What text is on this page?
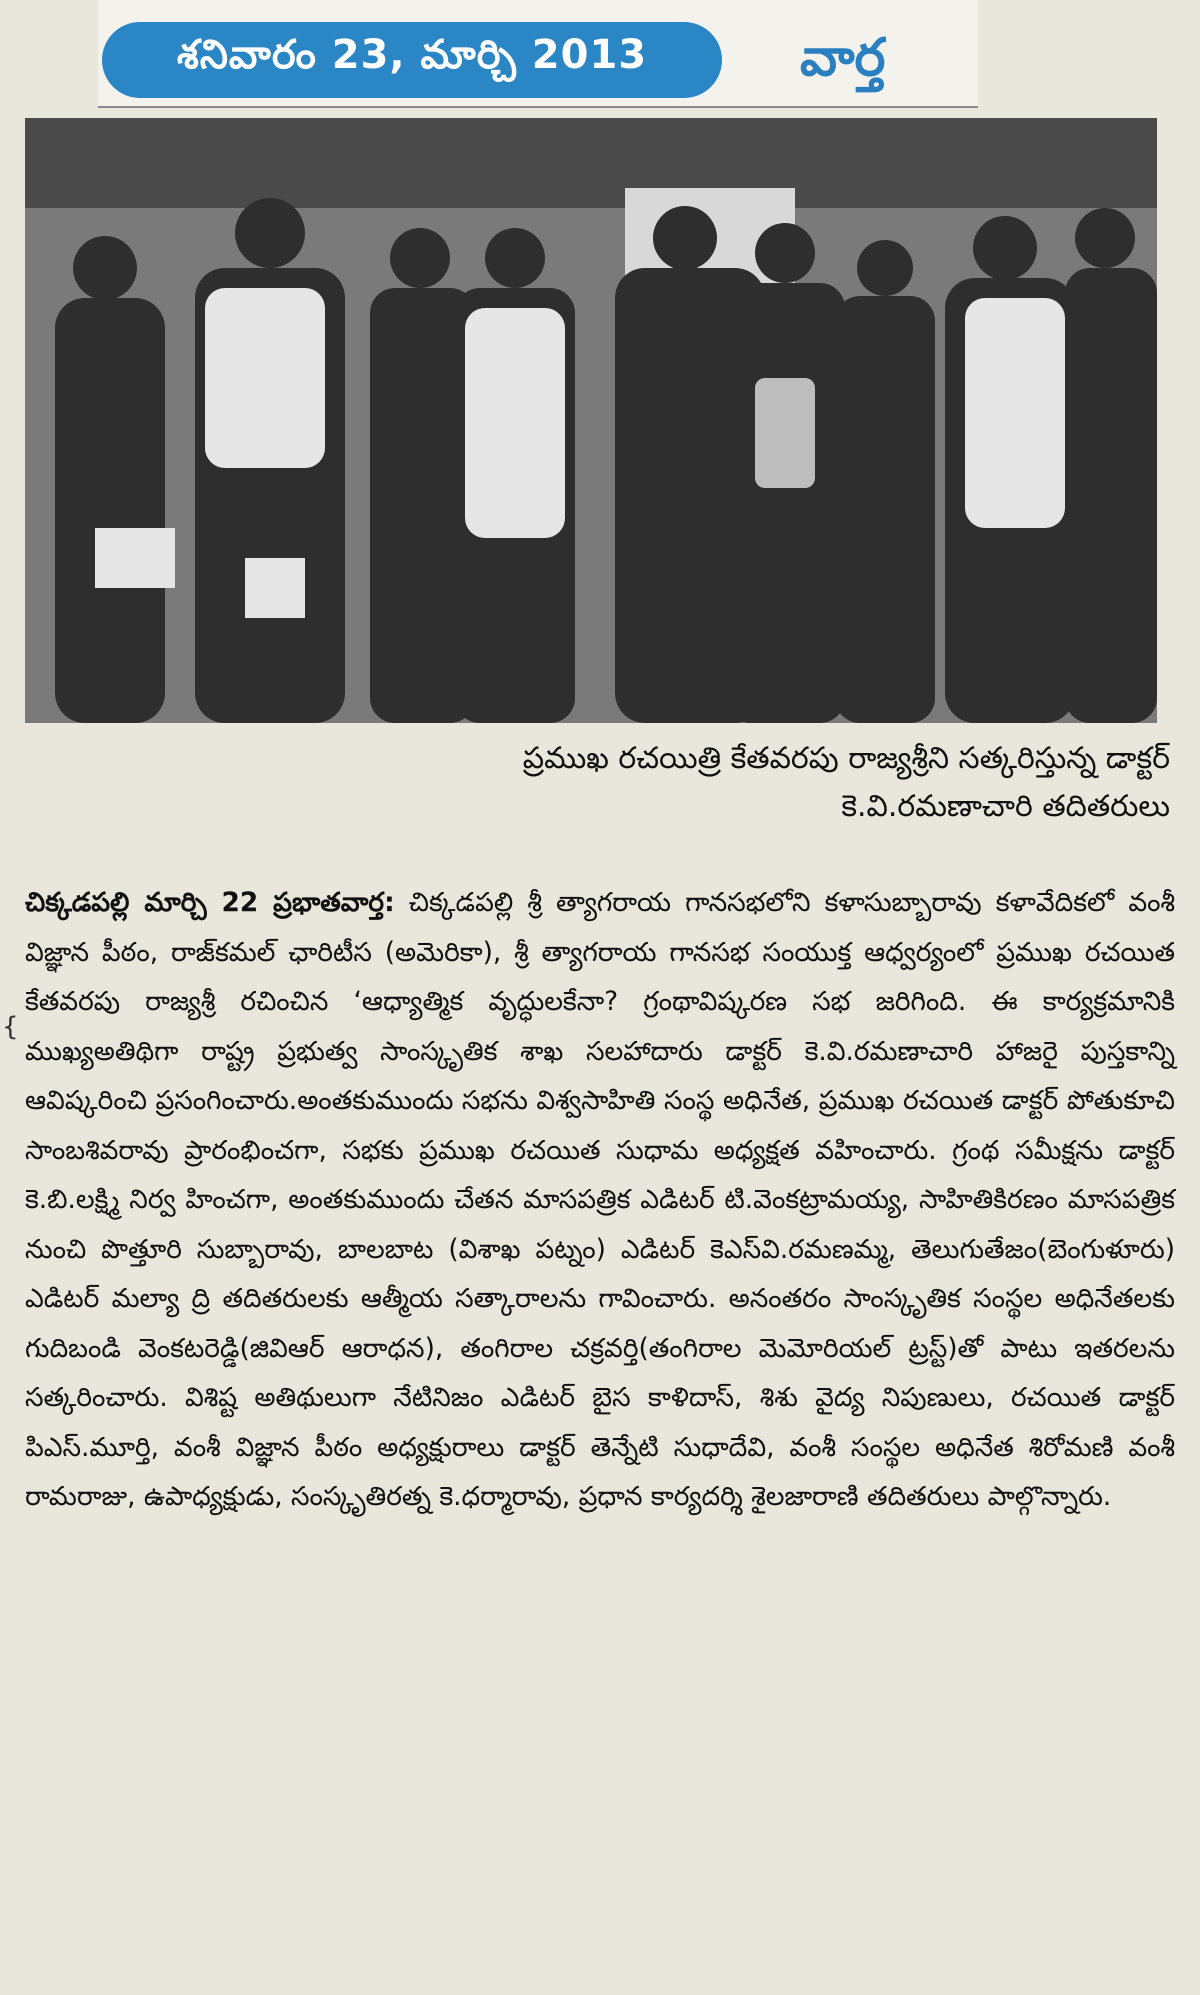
శనివారం 23, మార్చి 2013	వార్త
ప్రముఖ రచయిత్రి కేతవరపు రాజ్యశ్రీని సత్కరిస్తున్న డాక్టర్
కె.వి.రమణాచారి తదితరులు
{
చిక్కడపల్లి మార్చి 22 ప్రభాతవార్త: చిక్కడపల్లి శ్రీ త్యాగరాయ గానసభలోని కళాసుబ్బారావు కళావేదికలో వంశీ విజ్ఞాన పీఠం, రాజ్‌కమల్ ఛారిటీస (అమెరికా), శ్రీ త్యాగరాయ గానసభ సంయుక్త ఆధ్వర్యంలో ప్రముఖ రచయిత కేతవరపు రాజ్యశ్రీ రచించిన ‘ఆధ్యాత్మిక వృద్ధులకేనా? గ్రంథావిష్కరణ సభ జరిగింది. ఈ కార్యక్రమానికి ముఖ్యఅతిథిగా రాష్ట్ర ప్రభుత్వ సాంస్కృతిక శాఖ సలహాదారు డాక్టర్ కె.వి.రమణాచారి హాజరై పుస్తకాన్ని ఆవిష్కరించి ప్రసంగించారు.అంతకుముందు సభను విశ్వసాహితి సంస్థ అధినేత, ప్రముఖ రచయిత డాక్టర్ పోతుకూచి సాంబశివరావు ప్రారంభించగా, సభకు ప్రముఖ రచయిత సుధామ అధ్యక్షత వహించారు. గ్రంథ సమీక్షను డాక్టర్ కె.బి.లక్ష్మి నిర్వ హించగా, అంతకుముందు చేతన మాసపత్రిక ఎడిటర్ టి.వెంకట్రామయ్య, సాహితికిరణం మాసపత్రిక నుంచి పొత్తూరి సుబ్బారావు, బాలబాట (విశాఖ పట్నం) ఎడిటర్ కెఎస్‌వి.రమణమ్మ, తెలుగుతేజం(బెంగుళూరు) ఎడిటర్ మల్యా ద్రి తదితరులకు ఆత్మీయ సత్కారాలను గావించారు. అనంతరం సాంస్కృతిక సంస్థల అధినేతలకు గుదిబండి వెంకటరెడ్డి(జివిఆర్ ఆరాధన), తంగిరాల చక్రవర్తి(తంగిరాల మెమోరియల్ ట్రస్ట్)తో పాటు ఇతరలను సత్కరించారు. విశిష్ట అతిథులుగా నేటినిజం ఎడిటర్ బైస కాళిదాస్, శిశు వైద్య నిపుణులు, రచయిత డాక్టర్ పిఎస్.మూర్తి, వంశీ విజ్ఞాన పీఠం అధ్యక్షురాలు డాక్టర్ తెన్నేటి సుధాదేవి, వంశీ సంస్థల అధినేత శిరోమణి వంశీ రామరాజు, ఉపాధ్యక్షుడు, సంస్కృతిరత్న కె.ధర్మారావు, ప్రధాన కార్యదర్శి శైలజారాణి తదితరులు పాల్గొన్నారు.
